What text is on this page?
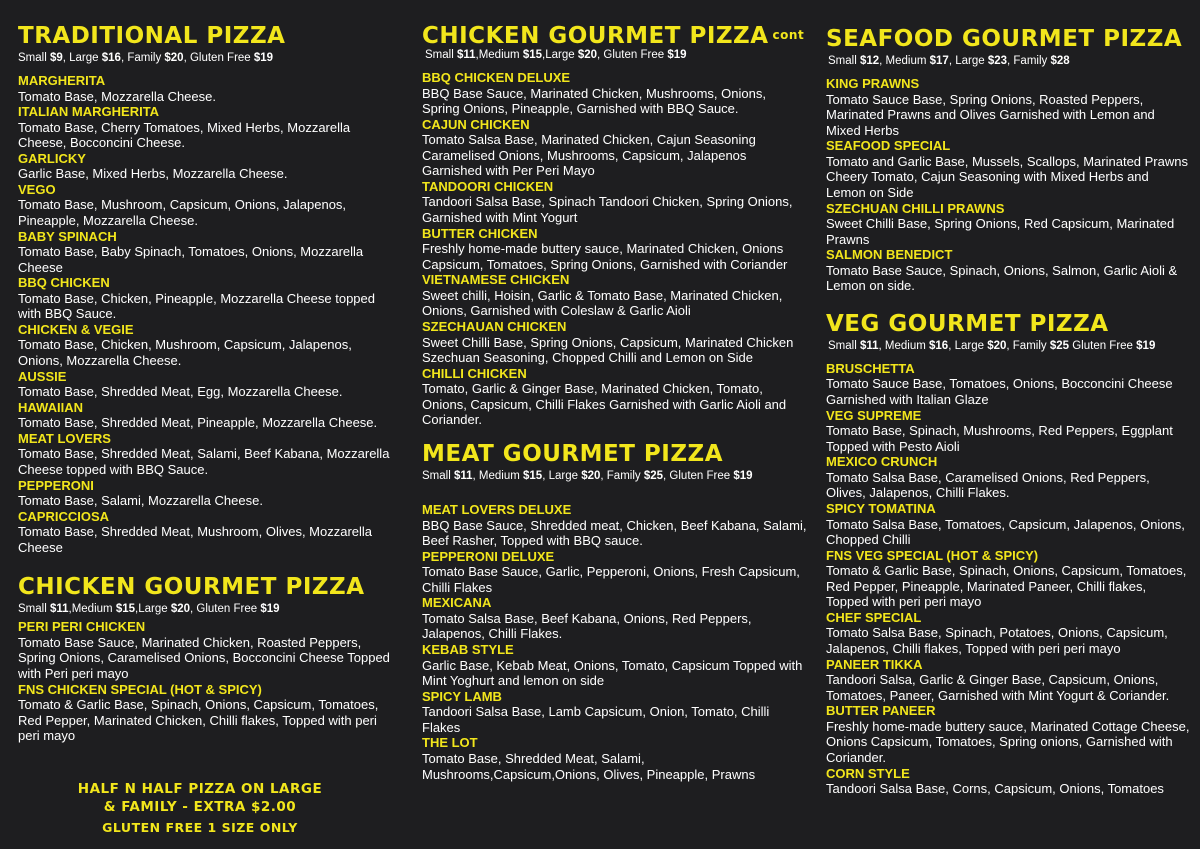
TRADITIONAL PIZZA
Small $9, Large $16, Family $20, Gluten Free $19
MARGHERITA
Tomato Base, Mozzarella Cheese.
ITALIAN MARGHERITA
Tomato Base, Cherry Tomatoes, Mixed Herbs, Mozzarella Cheese, Bocconcini Cheese.
GARLICKY
Garlic Base, Mixed Herbs, Mozzarella Cheese.
VEGO
Tomato Base, Mushroom, Capsicum, Onions, Jalapenos, Pineapple, Mozzarella Cheese.
BABY SPINACH
Tomato Base, Baby Spinach, Tomatoes, Onions, Mozzarella Cheese
BBQ CHICKEN
Tomato Base, Chicken, Pineapple, Mozzarella Cheese topped with BBQ Sauce.
CHICKEN & VEGIE
Tomato Base, Chicken, Mushroom, Capsicum, Jalapenos, Onions, Mozzarella Cheese.
AUSSIE
Tomato Base, Shredded Meat, Egg, Mozzarella Cheese.
HAWAIIAN
Tomato Base, Shredded Meat, Pineapple, Mozzarella Cheese.
MEAT LOVERS
Tomato Base, Shredded Meat, Salami, Beef Kabana, Mozzarella Cheese topped with BBQ Sauce.
PEPPERONI
Tomato Base, Salami, Mozzarella Cheese.
CAPRICCIOSA
Tomato Base, Shredded Meat, Mushroom, Olives, Mozzarella Cheese
CHICKEN GOURMET PIZZA
Small $11,Medium $15,Large $20, Gluten Free $19
PERI PERI CHICKEN
Tomato Base Sauce, Marinated Chicken, Roasted Peppers, Spring Onions, Caramelised Onions, Bocconcini Cheese Topped with Peri peri mayo
FNS CHICKEN SPECIAL (HOT & SPICY)
Tomato & Garlic Base, Spinach, Onions, Capsicum, Tomatoes, Red Pepper, Marinated Chicken, Chilli flakes, Topped with peri peri mayo
HALF N HALF PIZZA ON LARGE
& FAMILY - EXTRA $2.00
GLUTEN FREE 1 SIZE ONLY
CHICKEN GOURMET PIZZA cont
Small $11,Medium $15,Large $20, Gluten Free $19
BBQ CHICKEN DELUXE
BBQ Base Sauce, Marinated Chicken, Mushrooms, Onions, Spring Onions, Pineapple, Garnished with BBQ Sauce.
CAJUN CHICKEN
Tomato Salsa Base, Marinated Chicken, Cajun Seasoning Caramelised Onions, Mushrooms, Capsicum, Jalapenos Garnished with Per Peri Mayo
TANDOORI CHICKEN
Tandoori Salsa Base, Spinach Tandoori Chicken, Spring Onions, Garnished with Mint Yogurt
BUTTER CHICKEN
Freshly home-made buttery sauce, Marinated Chicken, Onions Capsicum, Tomatoes, Spring Onions, Garnished with Coriander
VIETNAMESE CHICKEN
Sweet chilli, Hoisin, Garlic & Tomato Base, Marinated Chicken, Onions, Garnished with Coleslaw & Garlic Aioli
SZECHAUAN CHICKEN
Sweet Chilli Base, Spring Onions, Capsicum, Marinated Chicken Szechuan Seasoning, Chopped Chilli and Lemon on Side
CHILLI CHICKEN
Tomato, Garlic & Ginger Base, Marinated Chicken, Tomato, Onions, Capsicum, Chilli Flakes Garnished with Garlic Aioli and Coriander.
MEAT GOURMET PIZZA
Small $11, Medium $15, Large $20, Family $25, Gluten Free $19
MEAT LOVERS DELUXE
BBQ Base Sauce, Shredded meat, Chicken, Beef Kabana, Salami, Beef Rasher, Topped with BBQ sauce.
PEPPERONI DELUXE
Tomato Base Sauce, Garlic, Pepperoni, Onions, Fresh Capsicum, Chilli Flakes
MEXICANA
Tomato Salsa Base, Beef Kabana, Onions, Red Peppers, Jalapenos, Chilli Flakes.
KEBAB STYLE
Garlic Base, Kebab Meat, Onions, Tomato, Capsicum Topped with Mint Yoghurt and lemon on side
SPICY LAMB
Tandoori Salsa Base, Lamb Capsicum, Onion, Tomato, Chilli Flakes
THE LOT
Tomato Base, Shredded Meat, Salami, Mushrooms,Capsicum,Onions, Olives, Pineapple, Prawns
SEAFOOD GOURMET PIZZA
Small $12, Medium $17, Large $23, Family $28
KING PRAWNS
Tomato Sauce Base, Spring Onions, Roasted Peppers, Marinated Prawns and Olives Garnished with Lemon and Mixed Herbs
SEAFOOD SPECIAL
Tomato and Garlic Base, Mussels, Scallops, Marinated Prawns Cheery Tomato, Cajun Seasoning with Mixed Herbs and Lemon on Side
SZECHUAN CHILLI PRAWNS
Sweet Chilli Base, Spring Onions, Red Capsicum, Marinated Prawns
SALMON BENEDICT
Tomato Base Sauce, Spinach, Onions, Salmon, Garlic Aioli & Lemon on side.
VEG GOURMET PIZZA
Small $11, Medium $16, Large $20, Family $25 Gluten Free $19
BRUSCHETTA
Tomato Sauce Base, Tomatoes, Onions, Bocconcini Cheese Garnished with Italian Glaze
VEG SUPREME
Tomato Base, Spinach, Mushrooms, Red Peppers, Eggplant Topped with Pesto Aioli
MEXICO CRUNCH
Tomato Salsa Base, Caramelised Onions, Red Peppers, Olives, Jalapenos, Chilli Flakes.
SPICY TOMATINA
Tomato Salsa Base, Tomatoes, Capsicum, Jalapenos, Onions, Chopped Chilli
FNS VEG SPECIAL (HOT & SPICY)
Tomato & Garlic Base, Spinach, Onions, Capsicum, Tomatoes, Red Pepper, Pineapple, Marinated Paneer, Chilli flakes, Topped with peri peri mayo
CHEF SPECIAL
Tomato Salsa Base, Spinach, Potatoes, Onions, Capsicum, Jalapenos, Chilli flakes, Topped with peri peri mayo
PANEER TIKKA
Tandoori Salsa, Garlic & Ginger Base, Capsicum, Onions, Tomatoes, Paneer, Garnished with Mint Yogurt & Coriander.
BUTTER PANEER
Freshly home-made buttery sauce, Marinated Cottage Cheese, Onions Capsicum, Tomatoes, Spring onions, Garnished with Coriander.
CORN STYLE
Tandoori Salsa Base, Corns, Capsicum, Onions, Tomatoes
